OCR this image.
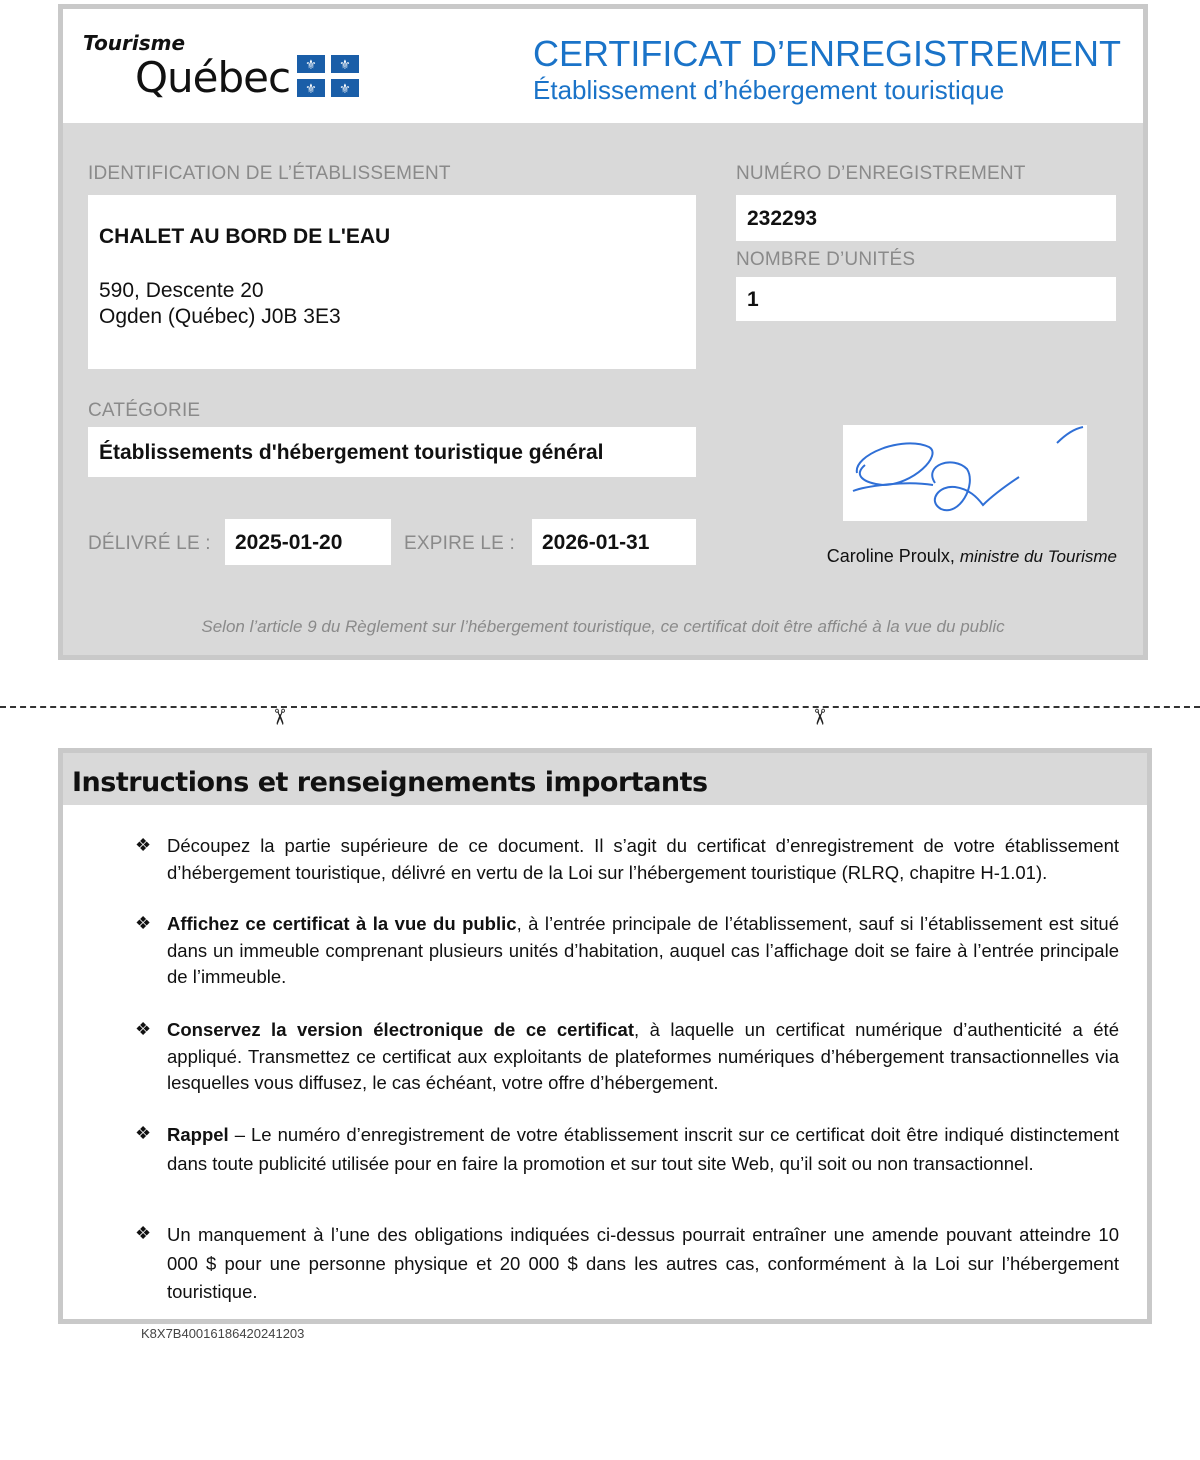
Tourisme
Québec ⚜ ⚜
⚜ ⚜
CERTIFICAT D’ENREGISTREMENT
Établissement d’hébergement touristique
IDENTIFICATION DE L’ÉTABLISSEMENT
CHALET AU BORD DE L'EAU
590, Descente 20
Ogden (Québec) J0B 3E3
NUMÉRO D’ENREGISTREMENT
232293
NOMBRE D’UNITÉS
1
CATÉGORIE
Établissements d'hébergement touristique général
DÉLIVRÉ LE : 2025-01-20	EXPIRE LE : 2026-01-31
Caroline Proulx, ministre du Tourisme
Selon l’article 9 du Règlement sur l’hébergement touristique, ce certificat doit être affiché à la vue du public
✂	✂
Instructions et renseignements importants
❖ Découpez la partie supérieure de ce document. Il s’agit du certificat d’enregistrement de votre établissement d’hébergement touristique, délivré en vertu de la Loi sur l’hébergement touristique (RLRQ, chapitre H-1.01).
❖ Affichez ce certificat à la vue du public, à l’entrée principale de l’établissement, sauf si l’établissement est situé dans un immeuble comprenant plusieurs unités d’habitation, auquel cas l’affichage doit se faire à l’entrée principale de l’immeuble.
❖ Conservez la version électronique de ce certificat, à laquelle un certificat numérique d’authenticité a été appliqué. Transmettez ce certificat aux exploitants de plateformes numériques d’hébergement transactionnelles via lesquelles vous diffusez, le cas échéant, votre offre d’hébergement.
❖ Rappel – Le numéro d’enregistrement de votre établissement inscrit sur ce certificat doit être indiqué distinctement dans toute publicité utilisée pour en faire la promotion et sur tout site Web, qu’il soit ou non transactionnel.
❖ Un manquement à l’une des obligations indiquées ci-dessus pourrait entraîner une amende pouvant atteindre 10 000 $ pour une personne physique et 20 000 $ dans les autres cas, conformément à la Loi sur l’hébergement touristique.
K8X7B40016186420241203
